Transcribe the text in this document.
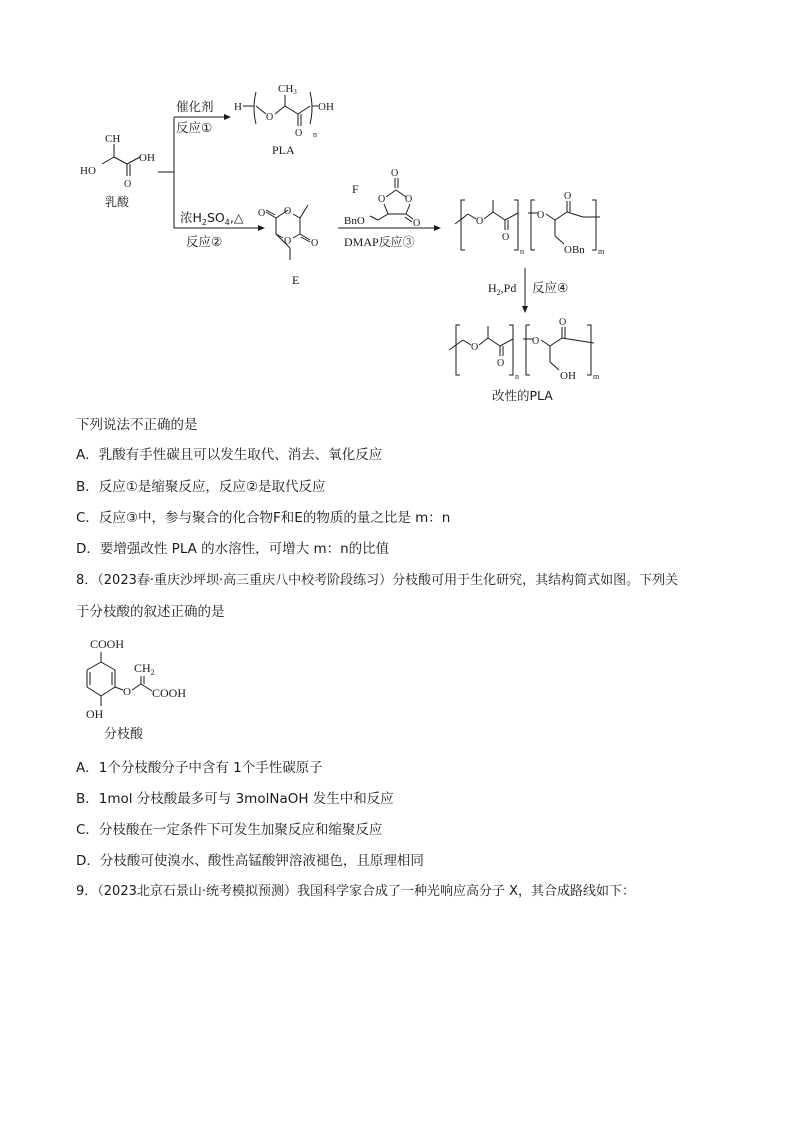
CH
HO
OH
O
乳酸
催化剂
反应①
浓$H_2SO_4,\triangle$
反应②
H
O
CH3
O
OH
n
PLA
O
O
O
O
E
F
O
O O
O
BnO
DMAP反应③
O
O
n
O
O
OBn m
$H_2,Pd$ 反应④
O
O
n
O
O
OH m
改性的PLA
下列说法不正确的是
A．乳酸有手性碳且可以发生取代、消去、氧化反应
B．反应①是缩聚反应，反应②是取代反应
C．反应③中，参与聚合的化合物F和E的物质的量之比是 m：n
D．要增强改性 PLA 的水溶性，可增大 m：n的比值
8．（2023春·重庆沙坪坝·高三重庆八中校考阶段练习）分枝酸可用于生化研究，其结构简式如图。下列关
于分枝酸的叙述正确的是
COOH
OH
O
$CH_2$
COOH
分枝酸
A．1个分枝酸分子中含有 1个手性碳原子
B．1mol 分枝酸最多可与 3molNaOH 发生中和反应
C．分枝酸在一定条件下可发生加聚反应和缩聚反应
D．分枝酸可使溴水、酸性高锰酸钾溶液褪色，且原理相同
9．（2023北京石景山·统考模拟预测）我国科学家合成了一种光响应高分子 X，其合成路线如下：
